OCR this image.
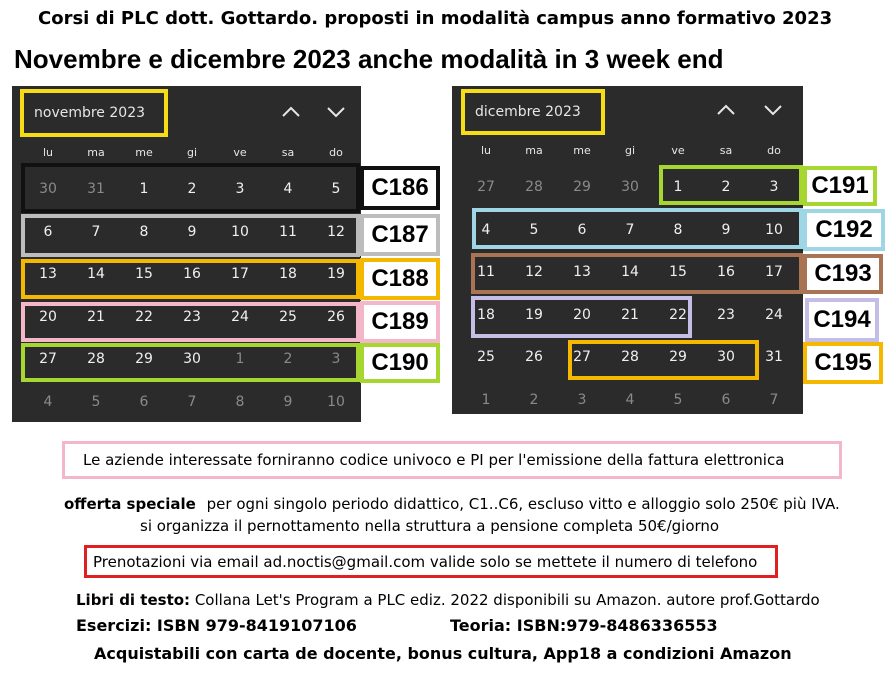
Corsi di PLC dott. Gottardo. proposti in modalità campus anno formativo 2023
Novembre e dicembre 2023 anche modalità in 3 week end
novembre 2023
lu	ma	me	gi	ve	sa	do
30	31	1	2	3	4	5
6	7	8	9	10	11	12
13	14	15	16	17	18	19
20	21	22	23	24	25	26
27	28	29	30	1	2	3
4	5	6	7	8	9	10
dicembre 2023
lu	ma	me	gi	ve	sa	do
27	28	29	30	1	2	3
4	5	6	7	8	9	10
11	12	13	14	15	16	17
18	19	20	21	22	23	24
25	26	27	28	29	30	31
1	2	3	4	5	6	7
Le aziende interessate forniranno codice univoco e PI per l'emissione della fattura elettronica
offerta speciale per ogni singolo periodo didattico, C1..C6, escluso vitto e alloggio solo 250€ più IVA.
si organizza il pernottamento nella struttura a pensione completa 50€/giorno
Prenotazioni via email ad.noctis@gmail.com valide solo se mettete il numero di telefono
Libri di testo: Collana Let's Program a PLC ediz. 2022 disponibili su Amazon. autore prof.Gottardo
Esercizi: ISBN 979-8419107106	Teoria: ISBN:979-8486336553
Acquistabili con carta de docente, bonus cultura, App18 a condizioni Amazon
C186
C187
C188
C189
C190
C191
C192
C193
C194
C195
